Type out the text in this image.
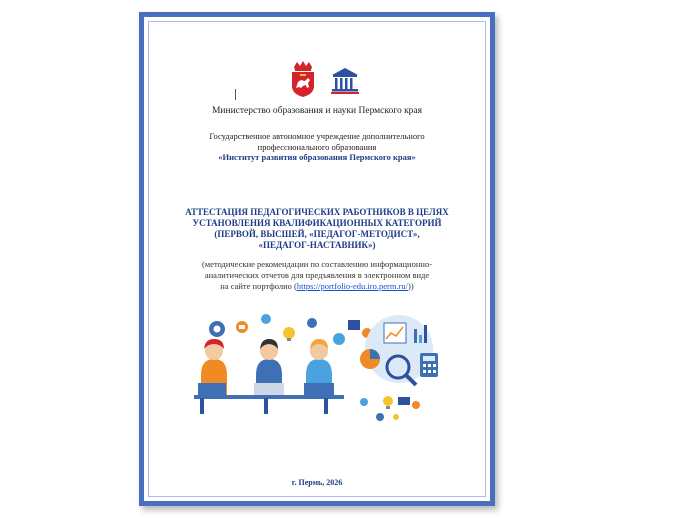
Министерство образования и науки Пермского края
Государственное автономное учреждение дополнительного
профессионального образования
«Институт развития образования Пермского края»
АТТЕСТАЦИЯ ПЕДАГОГИЧЕСКИХ РАБОТНИКОВ В ЦЕЛЯХ
УСТАНОВЛЕНИЯ КВАЛИФИКАЦИОННЫХ КАТЕГОРИЙ
(ПЕРВОЙ, ВЫСШЕЙ, «ПЕДАГОГ-МЕТОДИСТ»,
«ПЕДАГОГ-НАСТАВНИК»)
(методические рекомендации по составлению информационно-
аналитических отчетов для предъявления в электронном виде
на сайте портфолио (https://portfolio-edu.iro.perm.ru/))
г. Пермь, 2026
